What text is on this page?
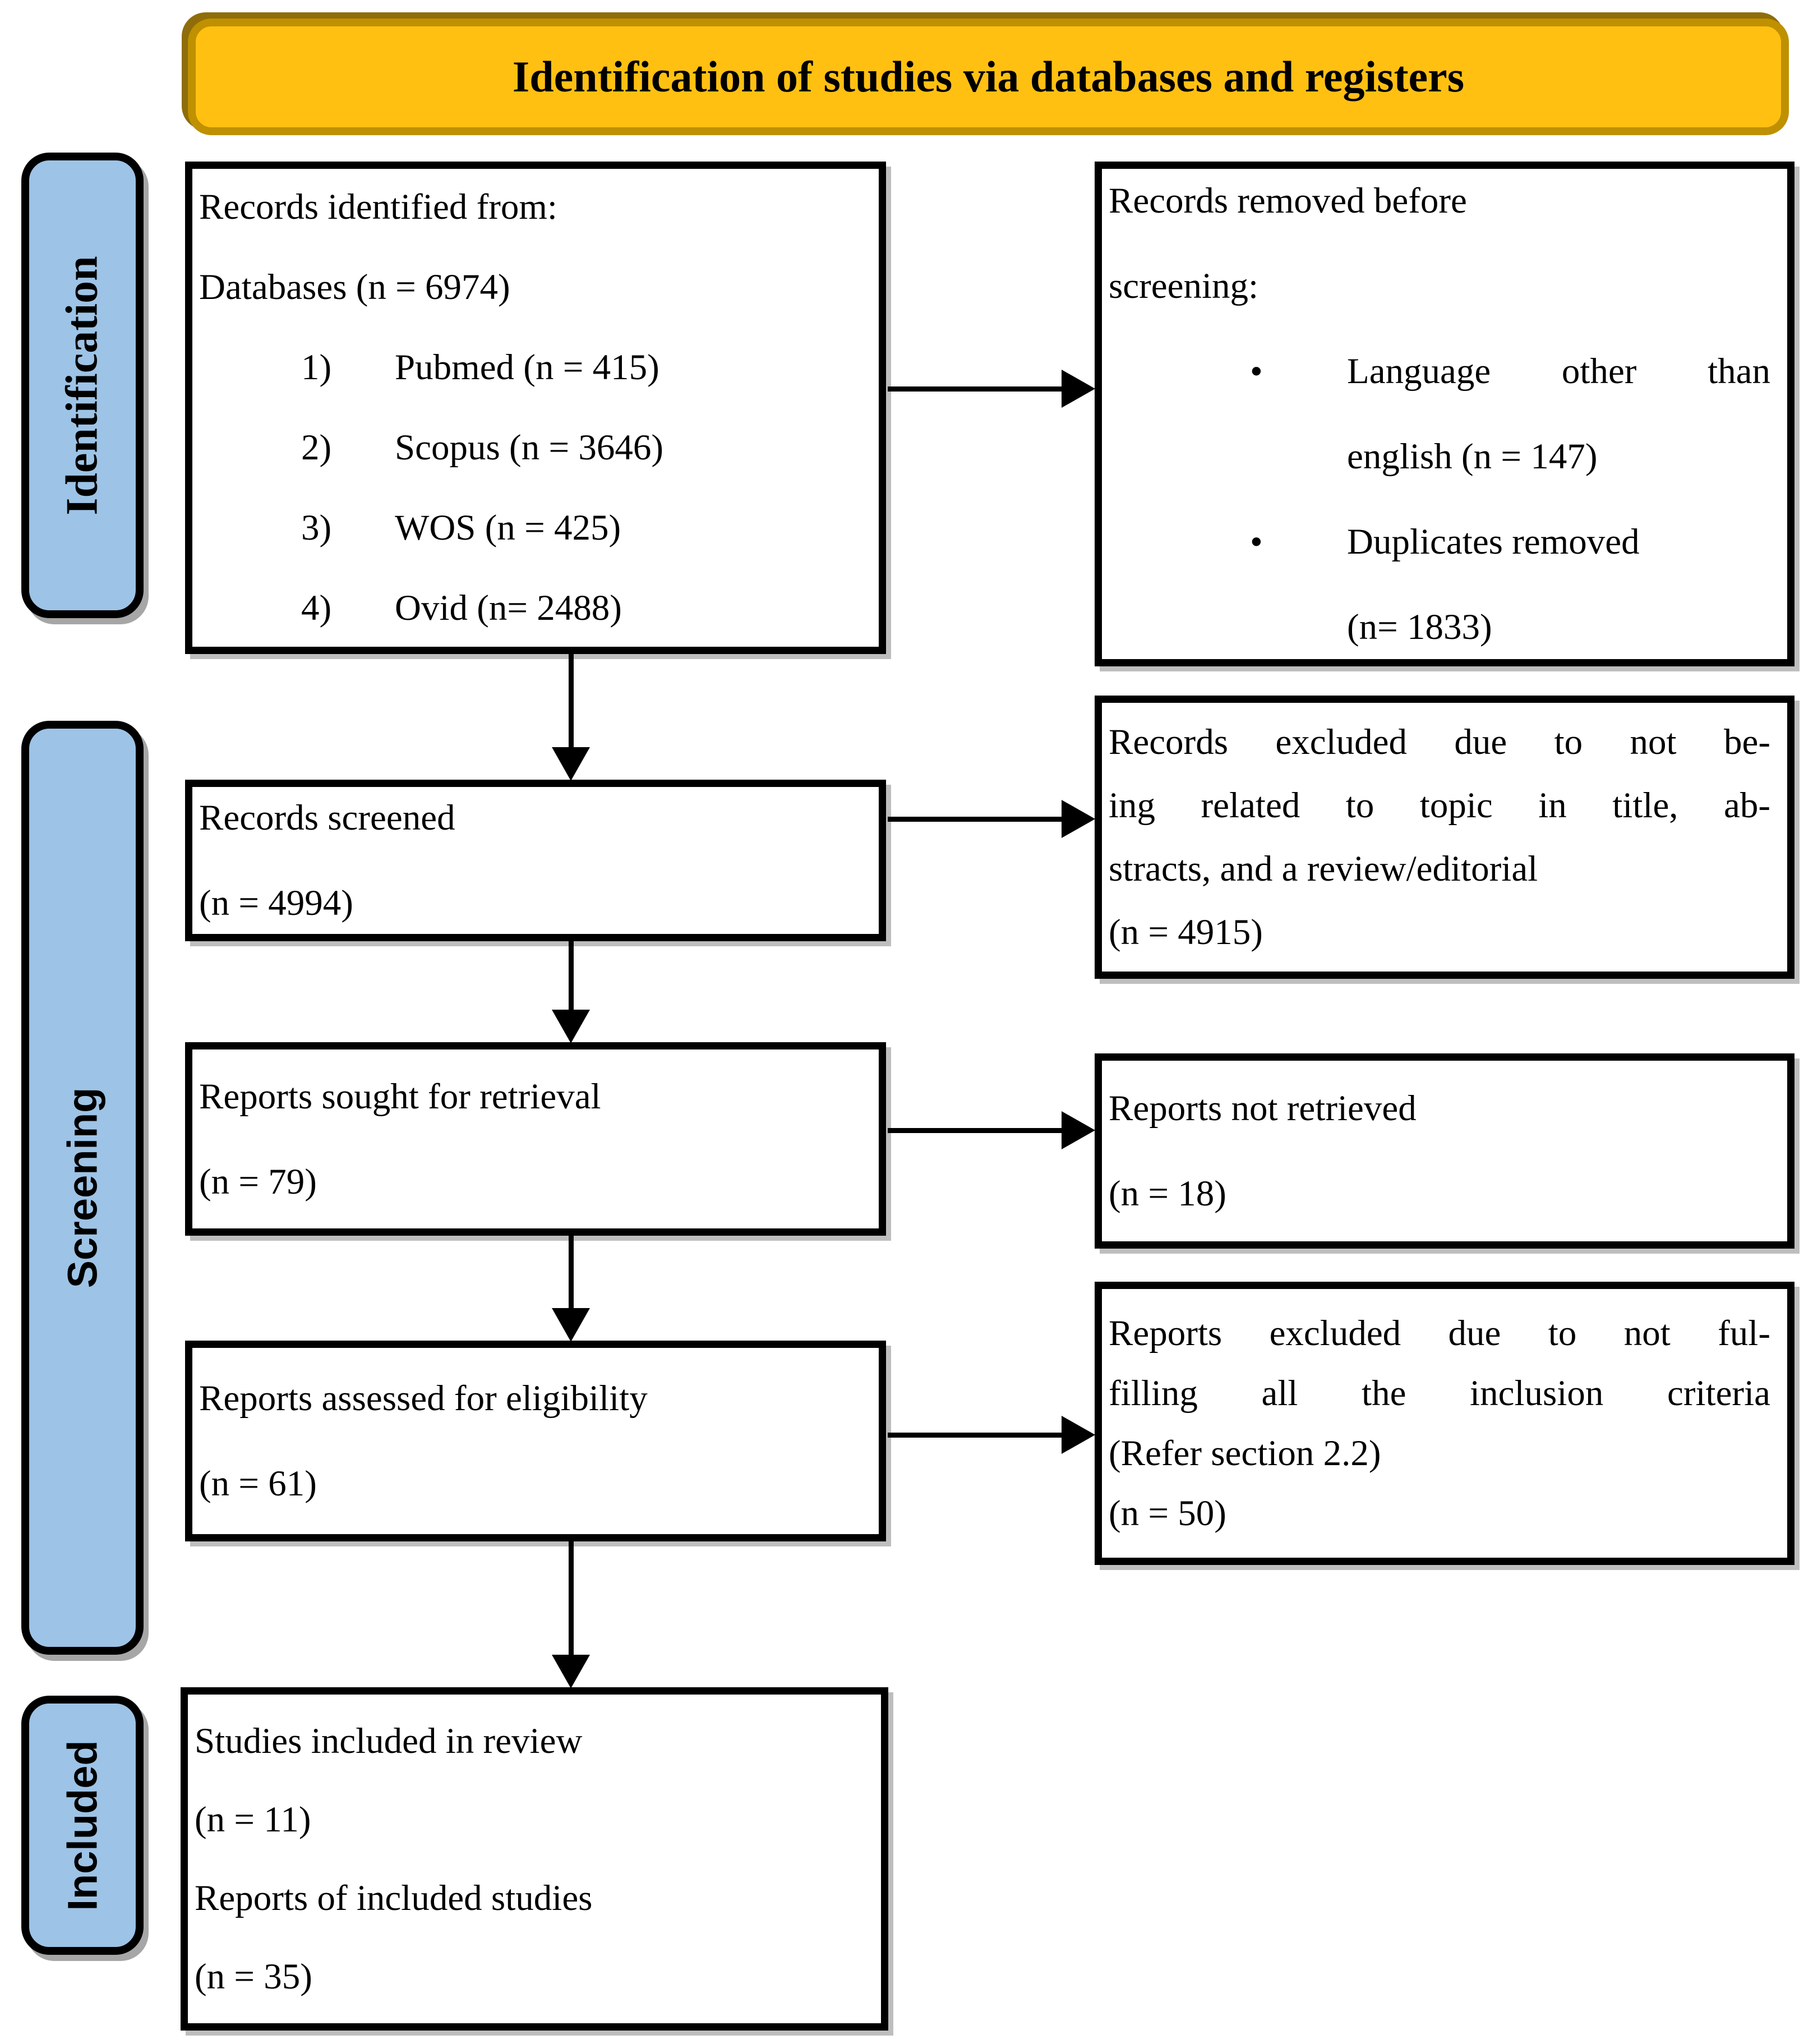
Identification of studies via databases and registers
Identification
Screening
Included
Records identified from:
Databases (n = 6974)
1)	Pubmed (n = 415)
2)	Scopus (n = 3646)
3)	WOS (n = 425)
4)	Ovid (n= 2488)
Records removed before
screening:
•	Language other than
english (n = 147)
•	Duplicates removed
(n= 1833)
Records screened
(n = 4994)
Records excluded due to not be-
ing related to topic in title, ab-
stracts, and a review/editorial
(n = 4915)
Reports sought for retrieval
(n = 79)
Reports not retrieved
(n = 18)
Reports assessed for eligibility
(n = 61)
Reports excluded due to not ful-
filling all the inclusion criteria
(Refer section 2.2)
(n = 50)
Studies included in review
(n = 11)
Reports of included studies
(n = 35)
